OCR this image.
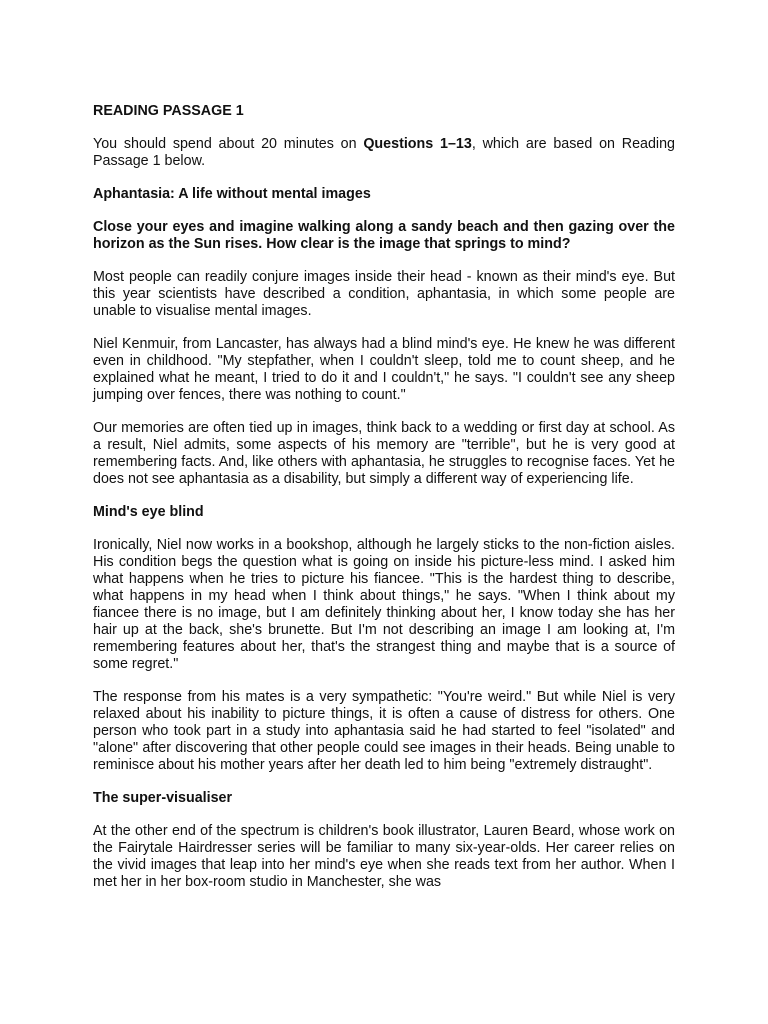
READING PASSAGE 1

You should spend about 20 minutes on Questions 1–13, which are based on Reading Passage 1 below.

Aphantasia: A life without mental images

Close your eyes and imagine walking along a sandy beach and then gazing over the horizon as the Sun rises. How clear is the image that springs to mind?

Most people can readily conjure images inside their head - known as their mind's eye. But this year scientists have described a condition, aphantasia, in which some people are unable to visualise mental images.

Niel Kenmuir, from Lancaster, has always had a blind mind's eye. He knew he was different even in childhood. "My stepfather, when I couldn't sleep, told me to count sheep, and he explained what he meant, I tried to do it and I couldn't," he says. "I couldn't see any sheep jumping over fences, there was nothing to count."

Our memories are often tied up in images, think back to a wedding or first day at school. As a result, Niel admits, some aspects of his memory are "terrible", but he is very good at remembering facts. And, like others with aphantasia, he struggles to recognise faces. Yet he does not see aphantasia as a disability, but simply a different way of experiencing life.

Mind's eye blind

Ironically, Niel now works in a bookshop, although he largely sticks to the non-fiction aisles. His condition begs the question what is going on inside his picture-less mind. I asked him what happens when he tries to picture his fiancee. "This is the hardest thing to describe, what happens in my head when I think about things," he says. "When I think about my fiancee there is no image, but I am definitely thinking about her, I know today she has her hair up at the back, she's brunette. But I'm not describing an image I am looking at, I'm remembering features about her, that's the strangest thing and maybe that is a source of some regret."

The response from his mates is a very sympathetic: "You're weird." But while Niel is very relaxed about his inability to picture things, it is often a cause of distress for others. One person who took part in a study into aphantasia said he had started to feel "isolated" and "alone" after discovering that other people could see images in their heads. Being unable to reminisce about his mother years after her death led to him being "extremely distraught".

The super-visualiser

At the other end of the spectrum is children's book illustrator, Lauren Beard, whose work on the Fairytale Hairdresser series will be familiar to many six-year-olds. Her career relies on the vivid images that leap into her mind's eye when she reads text from her author. When I met her in her box-room studio in Manchester, she was
